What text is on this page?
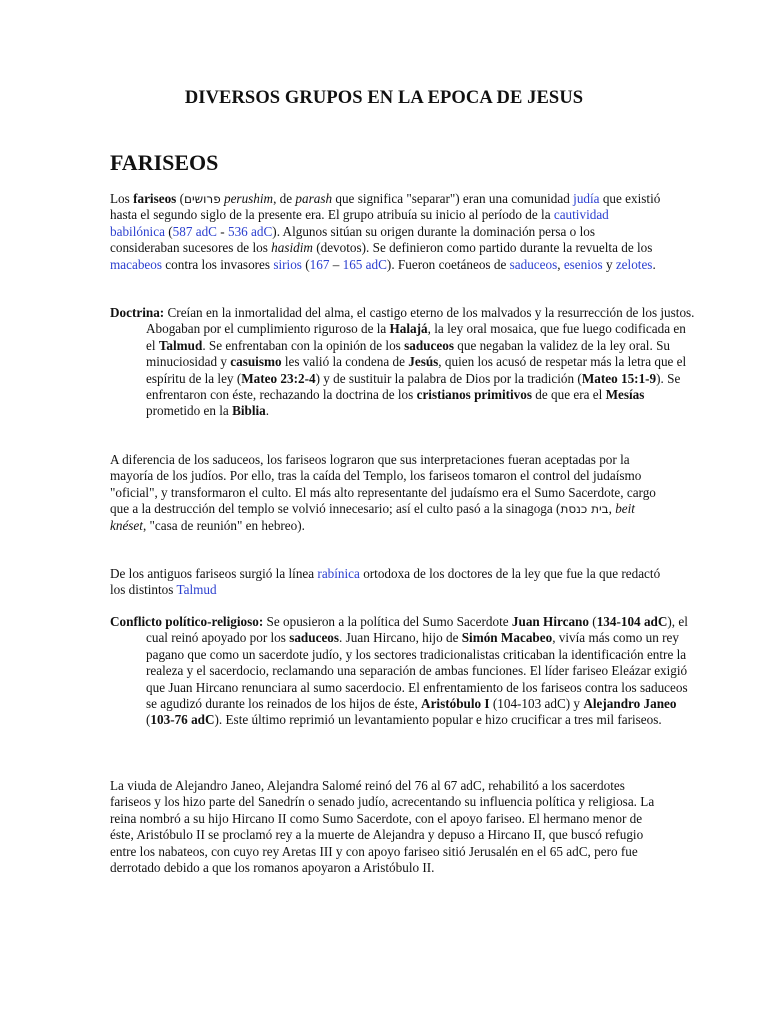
DIVERSOS GRUPOS EN LA EPOCA DE JESUS
FARISEOS

Los fariseos (פרושים perushim, de parash que significa "separar") eran una comunidad judía que existió hasta el segundo siglo de la presente era. El grupo atribuía su inicio al período de la cautividad babilónica (587 adC - 536 adC). Algunos sitúan su origen durante la dominación persa o los consideraban sucesores de los hasidim (devotos). Se definieron como partido durante la revuelta de los macabeos contra los invasores sirios (167 – 165 adC). Fueron coetáneos de saduceos, esenios y zelotes.

Doctrina: Creían en la inmortalidad del alma, el castigo eterno de los malvados y la resurrección de los justos. Abogaban por el cumplimiento riguroso de la Halajá, la ley oral mosaica, que fue luego codificada en el Talmud. Se enfrentaban con la opinión de los saduceos que negaban la validez de la ley oral. Su minuciosidad y casuismo les valió la condena de Jesús, quien los acusó de respetar más la letra que el espíritu de la ley (Mateo 23:2-4) y de sustituir la palabra de Dios por la tradición (Mateo 15:1-9). Se enfrentaron con éste, rechazando la doctrina de los cristianos primitivos de que era el Mesías prometido en la Biblia.

A diferencia de los saduceos, los fariseos lograron que sus interpretaciones fueran aceptadas por la mayoría de los judíos. Por ello, tras la caída del Templo, los fariseos tomaron el control del judaísmo "oficial", y transformaron el culto. El más alto representante del judaísmo era el Sumo Sacerdote, cargo que a la destrucción del templo se volvió innecesario; así el culto pasó a la sinagoga (בית כנסת, beit knéset, "casa de reunión" en hebreo).

De los antiguos fariseos surgió la línea rabínica ortodoxa de los doctores de la ley que fue la que redactó los distintos Talmud

Conflicto político-religioso: Se opusieron a la política del Sumo Sacerdote Juan Hircano (134-104 adC), el cual reinó apoyado por los saduceos. Juan Hircano, hijo de Simón Macabeo, vivía más como un rey pagano que como un sacerdote judío, y los sectores tradicionalistas criticaban la identificación entre la realeza y el sacerdocio, reclamando una separación de ambas funciones. El líder fariseo Eleázar exigió que Juan Hircano renunciara al sumo sacerdocio. El enfrentamiento de los fariseos contra los saduceos se agudizó durante los reinados de los hijos de éste, Aristóbulo I (104-103 adC) y Alejandro Janeo (103-76 adC). Este último reprimió un levantamiento popular e hizo crucificar a tres mil fariseos.

La viuda de Alejandro Janeo, Alejandra Salomé reinó del 76 al 67 adC, rehabilitó a los sacerdotes fariseos y los hizo parte del Sanedrín o senado judío, acrecentando su influencia política y religiosa. La reina nombró a su hijo Hircano II como Sumo Sacerdote, con el apoyo fariseo. El hermano menor de éste, Aristóbulo II se proclamó rey a la muerte de Alejandra y depuso a Hircano II, que buscó refugio entre los nabateos, con cuyo rey Aretas III y con apoyo fariseo sitió Jerusalén en el 65 adC, pero fue derrotado debido a que los romanos apoyaron a Aristóbulo II.
